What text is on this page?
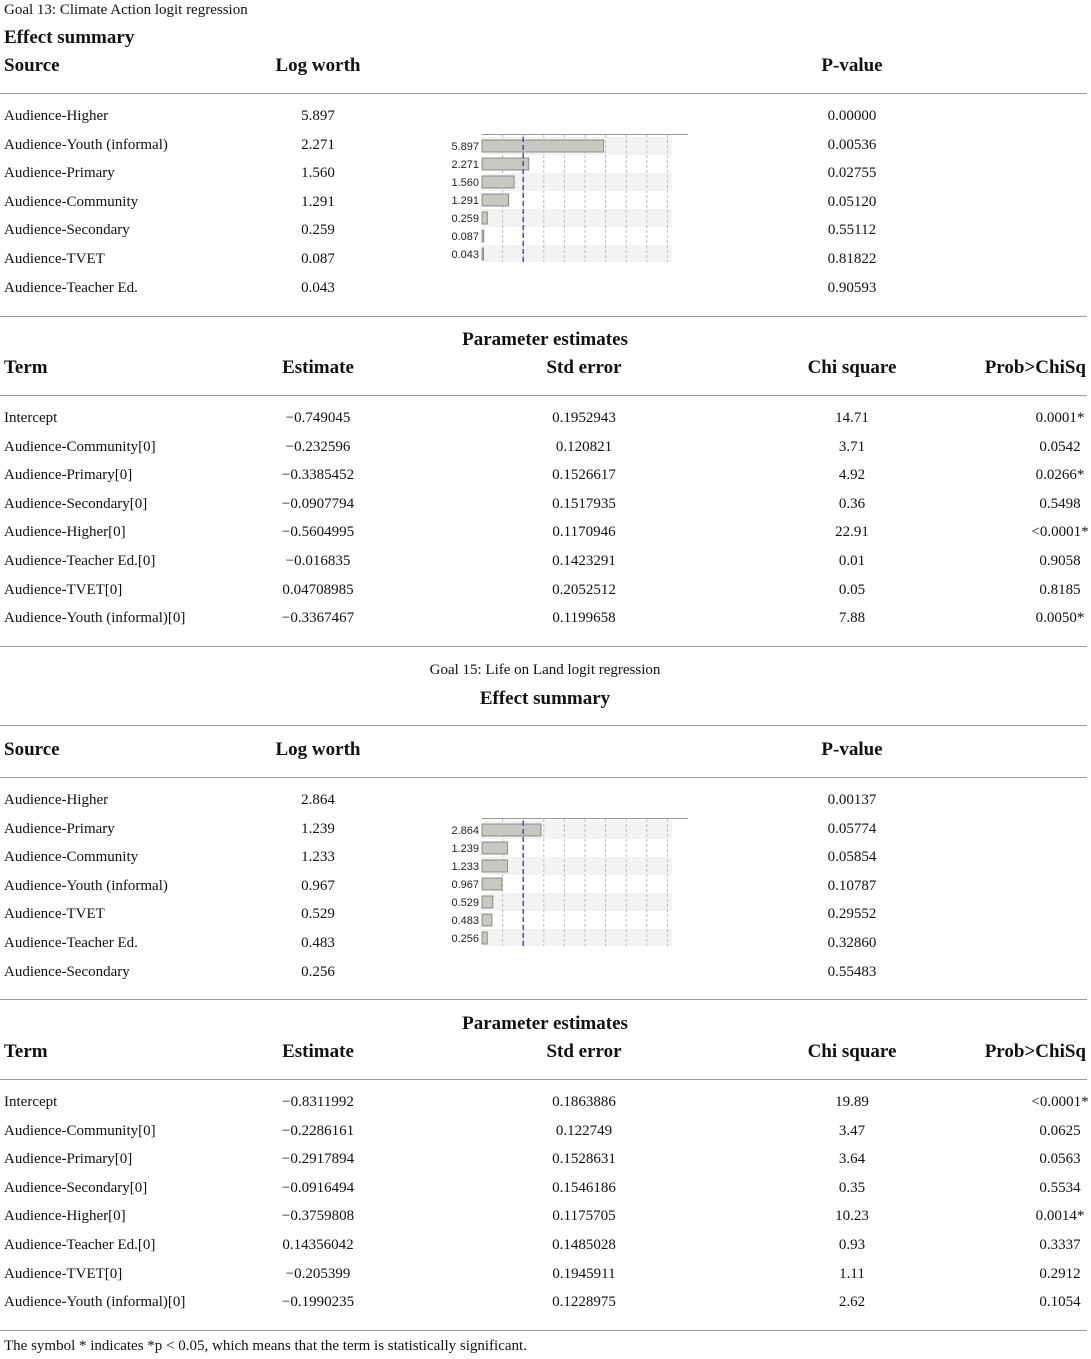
Goal 13: Climate Action logit regression
Effect summary
Source	Log worth	P-value
Audience-Higher	5.897	0.00000
Audience-Youth (informal)	2.271	0.00536
Audience-Primary	1.560	0.02755
Audience-Community	1.291	0.05120
Audience-Secondary	0.259	0.55112
Audience-TVET	0.087	0.81822
Audience-Teacher Ed.	0.043	0.90593
5.897
2.271
1.560
1.291
0.259
0.087
0.043
Parameter estimates
Term	Estimate	Std error	Chi square	Prob>ChiSq
Intercept	−0.749045	0.1952943	14.71	0.0001*
Audience-Community[0]	−0.232596	0.120821	3.71	0.0542
Audience-Primary[0]	−0.3385452	0.1526617	4.92	0.0266*
Audience-Secondary[0]	−0.0907794	0.1517935	0.36	0.5498
Audience-Higher[0]	−0.5604995	0.1170946	22.91	<0.0001*
Audience-Teacher Ed.[0]	−0.016835	0.1423291	0.01	0.9058
Audience-TVET[0]	0.04708985	0.2052512	0.05	0.8185
Audience-Youth (informal)[0]	−0.3367467	0.1199658	7.88	0.0050*
Goal 15: Life on Land logit regression
Effect summary
Source	Log worth	P-value
Audience-Higher	2.864	0.00137
Audience-Primary	1.239	0.05774
Audience-Community	1.233	0.05854
Audience-Youth (informal)	0.967	0.10787
Audience-TVET	0.529	0.29552
Audience-Teacher Ed.	0.483	0.32860
Audience-Secondary	0.256	0.55483
2.864
1.239
1.233
0.967
0.529
0.483
0.256
Parameter estimates
Term	Estimate	Std error	Chi square	Prob>ChiSq
Intercept	−0.8311992	0.1863886	19.89	<0.0001*
Audience-Community[0]	−0.2286161	0.122749	3.47	0.0625
Audience-Primary[0]	−0.2917894	0.1528631	3.64	0.0563
Audience-Secondary[0]	−0.0916494	0.1546186	0.35	0.5534
Audience-Higher[0]	−0.3759808	0.1175705	10.23	0.0014*
Audience-Teacher Ed.[0]	0.14356042	0.1485028	0.93	0.3337
Audience-TVET[0]	−0.205399	0.1945911	1.11	0.2912
Audience-Youth (informal)[0]	−0.1990235	0.1228975	2.62	0.1054
The symbol * indicates *p < 0.05, which means that the term is statistically significant.
